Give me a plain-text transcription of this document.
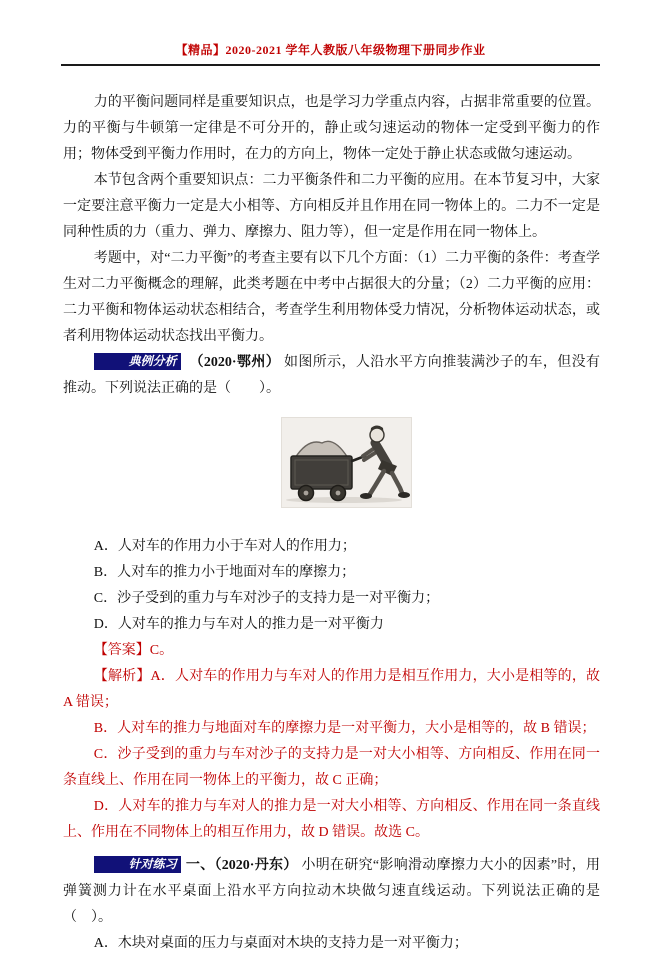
【精品】2020-2021 学年人教版八年级物理下册同步作业

力的平衡问题同样是重要知识点，也是学习力学重点内容，占据非常重要的位置。力的平衡与牛顿第一定律是不可分开的，静止或匀速运动的物体一定受到平衡力的作用；物体受到平衡力作用时，在力的方向上，物体一定处于静止状态或做匀速运动。

本节包含两个重要知识点：二力平衡条件和二力平衡的应用。在本节复习中，大家一定要注意平衡力一定是大小相等、方向相反并且作用在同一物体上的。二力不一定是同种性质的力（重力、弹力、摩擦力、阻力等），但一定是作用在同一物体上。

考题中，对“二力平衡”的考查主要有以下几个方面：（1）二力平衡的条件：考查学生对二力平衡概念的理解，此类考题在中考中占据很大的分量；（2）二力平衡的应用：二力平衡和物体运动状态相结合，考查学生利用物体受力情况，分析物体运动状态，或者利用物体运动状态找出平衡力。

典例分析 （2020·鄂州） 如图所示，人沿水平方向推装满沙子的车，但没有推动。下列说法正确的是（　　）。

A．人对车的作用力小于车对人的作用力；

B．人对车的推力小于地面对车的摩擦力；

C．沙子受到的重力与车对沙子的支持力是一对平衡力；

D．人对车的推力与车对人的推力是一对平衡力

【答案】C。

【解析】A．人对车的作用力与车对人的作用力是相互作用力，大小是相等的，故 A 错误；

B．人对车的推力与地面对车的摩擦力是一对平衡力，大小是相等的，故 B 错误；

C．沙子受到的重力与车对沙子的支持力是一对大小相等、方向相反、作用在同一条直线上、作用在同一物体上的平衡力，故 C 正确；

D．人对车的推力与车对人的推力是一对大小相等、方向相反、作用在同一条直线上、作用在不同物体上的相互作用力，故 D 错误。故选 C。

针对练习 一、（2020·丹东） 小明在研究“影响滑动摩擦力大小的因素”时，用弹簧测力计在水平桌面上沿水平方向拉动木块做匀速直线运动。下列说法正确的是（　）。

A．木块对桌面的压力与桌面对木块的支持力是一对平衡力；
